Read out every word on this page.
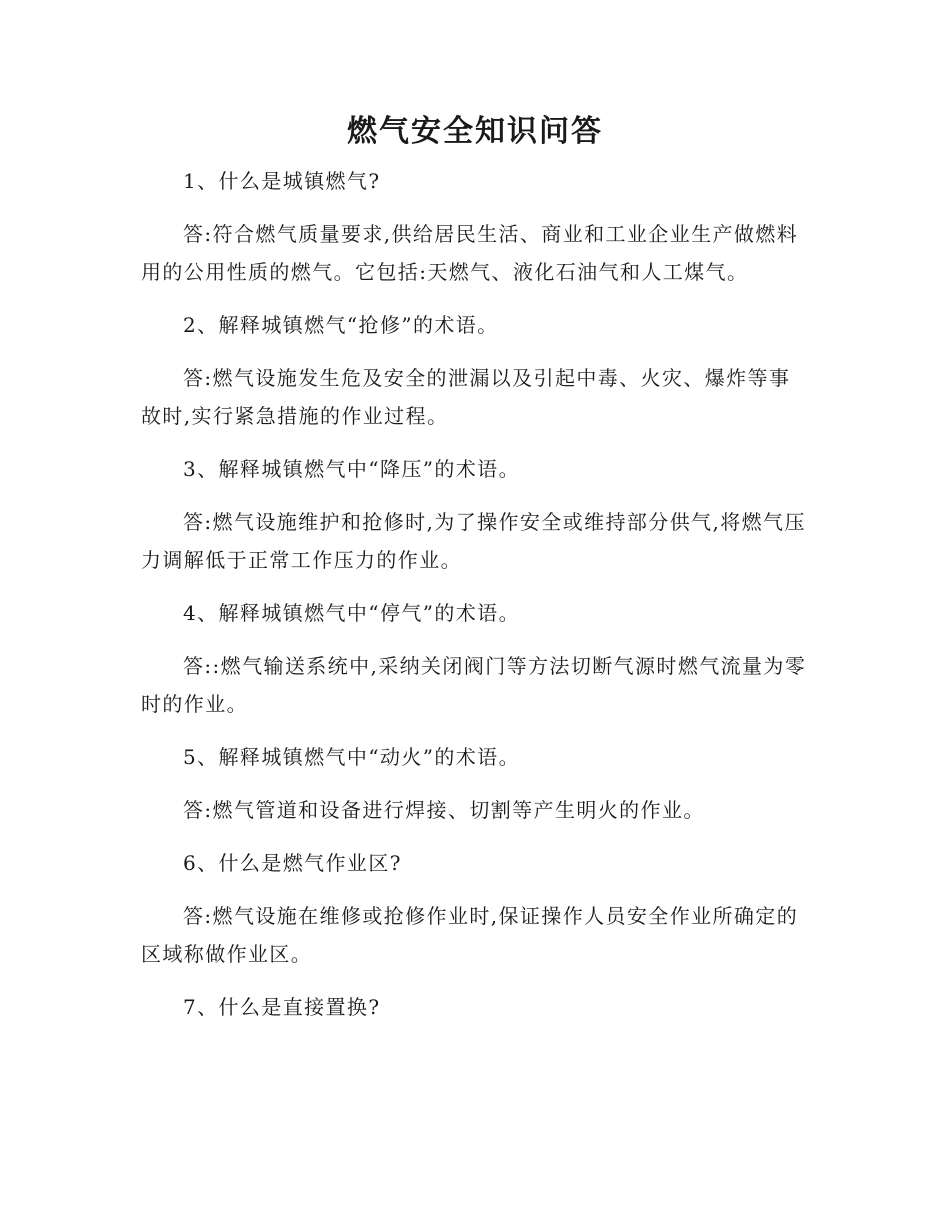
燃气安全知识问答

1、什么是城镇燃气?

答:符合燃气质量要求,供给居民生活、商业和工业企业生产做燃料用的公用性质的燃气。它包括:天燃气、液化石油气和人工煤气。

2、解释城镇燃气“抢修”的术语。

答:燃气设施发生危及安全的泄漏以及引起中毒、火灾、爆炸等事故时,实行紧急措施的作业过程。

3、解释城镇燃气中“降压”的术语。

答:燃气设施维护和抢修时,为了操作安全或维持部分供气,将燃气压力调解低于正常工作压力的作业。

4、解释城镇燃气中“停气”的术语。

答::燃气输送系统中,采纳关闭阀门等方法切断气源时燃气流量为零时的作业。

5、解释城镇燃气中“动火”的术语。

答:燃气管道和设备进行焊接、切割等产生明火的作业。

6、什么是燃气作业区?

答:燃气设施在维修或抢修作业时,保证操作人员安全作业所确定的区域称做作业区。

7、什么是直接置换?
